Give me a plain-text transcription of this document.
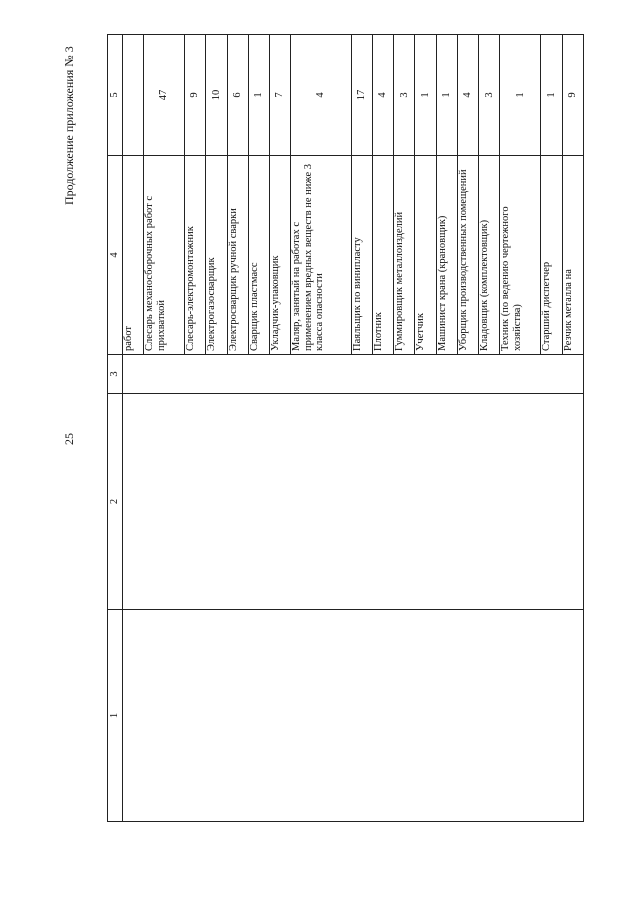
25
Продолжение приложения № 3
1	2	3	4	5
			работ	
			Слесарь механосборочных работ с прихваткой	47
			Слесарь-электромонтажник	9
			Электрогазосварщик	10
			Электросварщик ручной сварки	6
			Сварщик пластмасс	1
			Укладчик-упаковщик	7
			Маляр, занятый на работах с применением вредных веществ не ниже 3 класса опасности	4
			Паяльщик по винипласту	17
			Плотник	4
			Гуммировщик металлоизделий	3
			Учетчик	1
			Машинист крана (крановщик)	1
			Уборщик производственных помещений	4
			Кладовщик (комплектовщик)	3
			Техник (по ведению чертежного хозяйства)	1
			Старший диспетчер	1
			Резчик металла на	9
